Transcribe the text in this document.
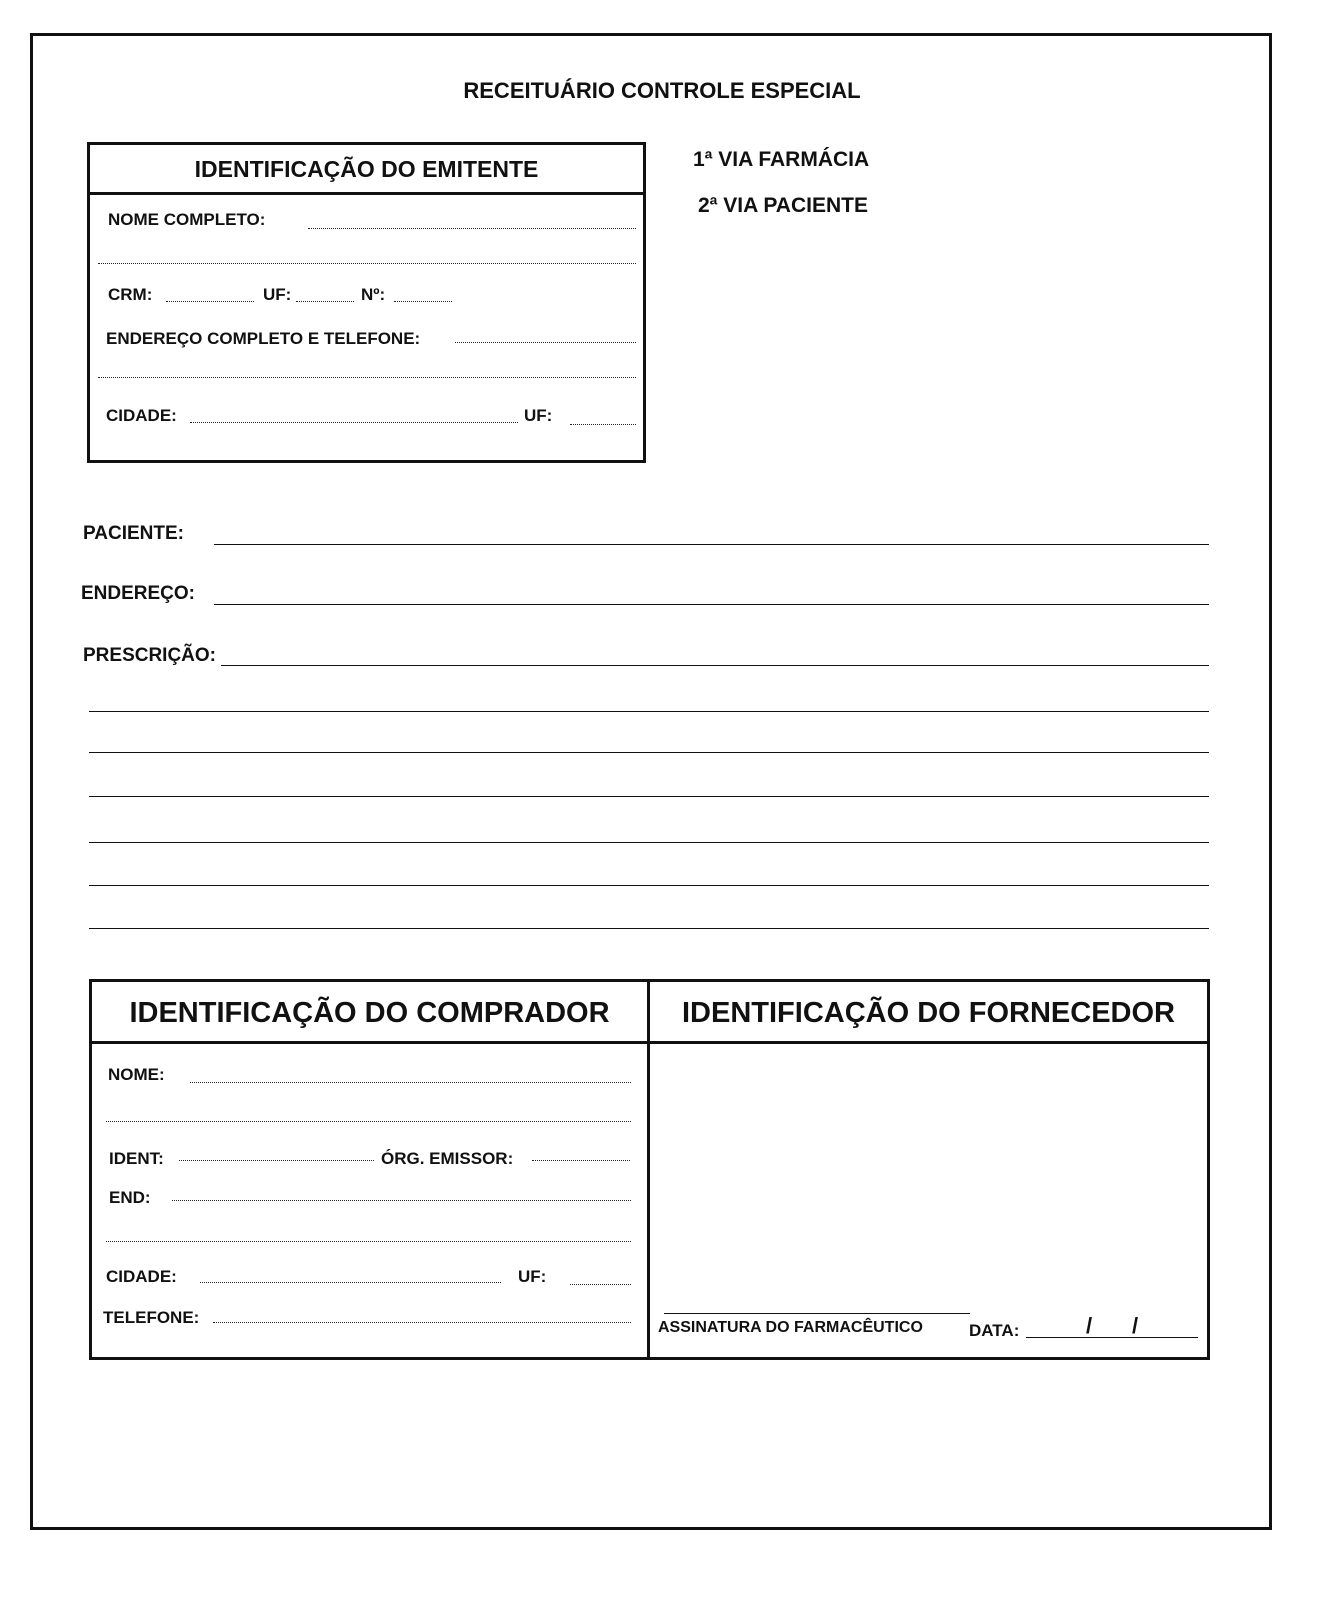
RECEITUÁRIO CONTROLE ESPECIAL
IDENTIFICAÇÃO DO EMITENTE
NOME COMPLETO:
CRM:	UF:	Nº:
ENDEREÇO COMPLETO E TELEFONE:
CIDADE:	UF:
1ª VIA FARMÁCIA
2ª VIA PACIENTE
PACIENTE:
ENDEREÇO:
PRESCRIÇÃO:
IDENTIFICAÇÃO DO COMPRADOR	IDENTIFICAÇÃO DO FORNECEDOR
NOME:
IDENT:	ÓRG. EMISSOR:
END:
CIDADE:	UF:
TELEFONE:
ASSINATURA DO FARMACÊUTICO	DATA:	/ /
